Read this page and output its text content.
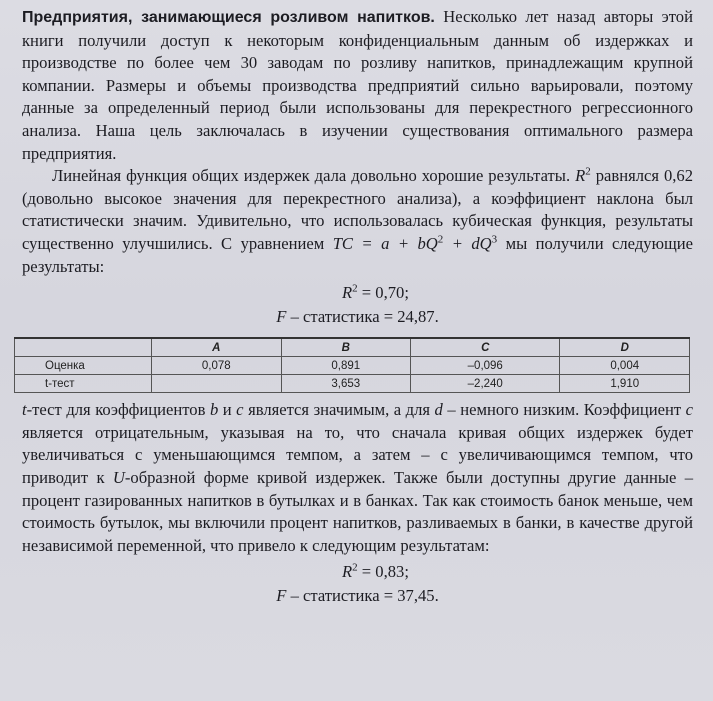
Предприятия, занимающиеся розливом напитков. Несколько лет назад авторы этой книги получили доступ к некоторым конфиденциальным данным об издержках и производстве по более чем 30 заводам по розливу напитков, принадлежащим крупной компании. Размеры и объемы производства предприятий сильно варьировали, поэтому данные за определенный период были использованы для перекрестного регрессионного анализа. Наша цель заключалась в изучении существования оптимального размера предприятия.

Линейная функция общих издержек дала довольно хорошие результаты. $R^2$ равнялся 0,62 (довольно высокое значения для перекрестного анализа), а коэффициент наклона был статистически значим. Удивительно, что использовалась кубическая функция, результаты существенно улучшились. С уравнением TC = $a + bQ^2 + dQ^3$ мы получили следующие результаты:

$R^2 = 0,70$;

F – статистика = 24,87.

	A	B	C	D
Оценка	0,078	0,891	–0,096	0,004
t-тест		3,653	–2,240	1,910

t-тест для коэффициентов b и c является значимым, а для d – немного низким. Коэффициент с является отрицательным, указывая на то, что сначала кривая общих издержек будет увеличиваться с уменьшающимся темпом, а затем – с увеличивающимся темпом, что приводит к U-образной форме кривой издержек. Также были доступны другие данные – процент газированных напитков в бутылках и в банках. Так как стоимость банок меньше, чем стоимость бутылок, мы включили процент напитков, разливаемых в банки, в качестве другой независимой переменной, что привело к следующим результатам:

$R^2 = 0,83$;

F – статистика = 37,45.
